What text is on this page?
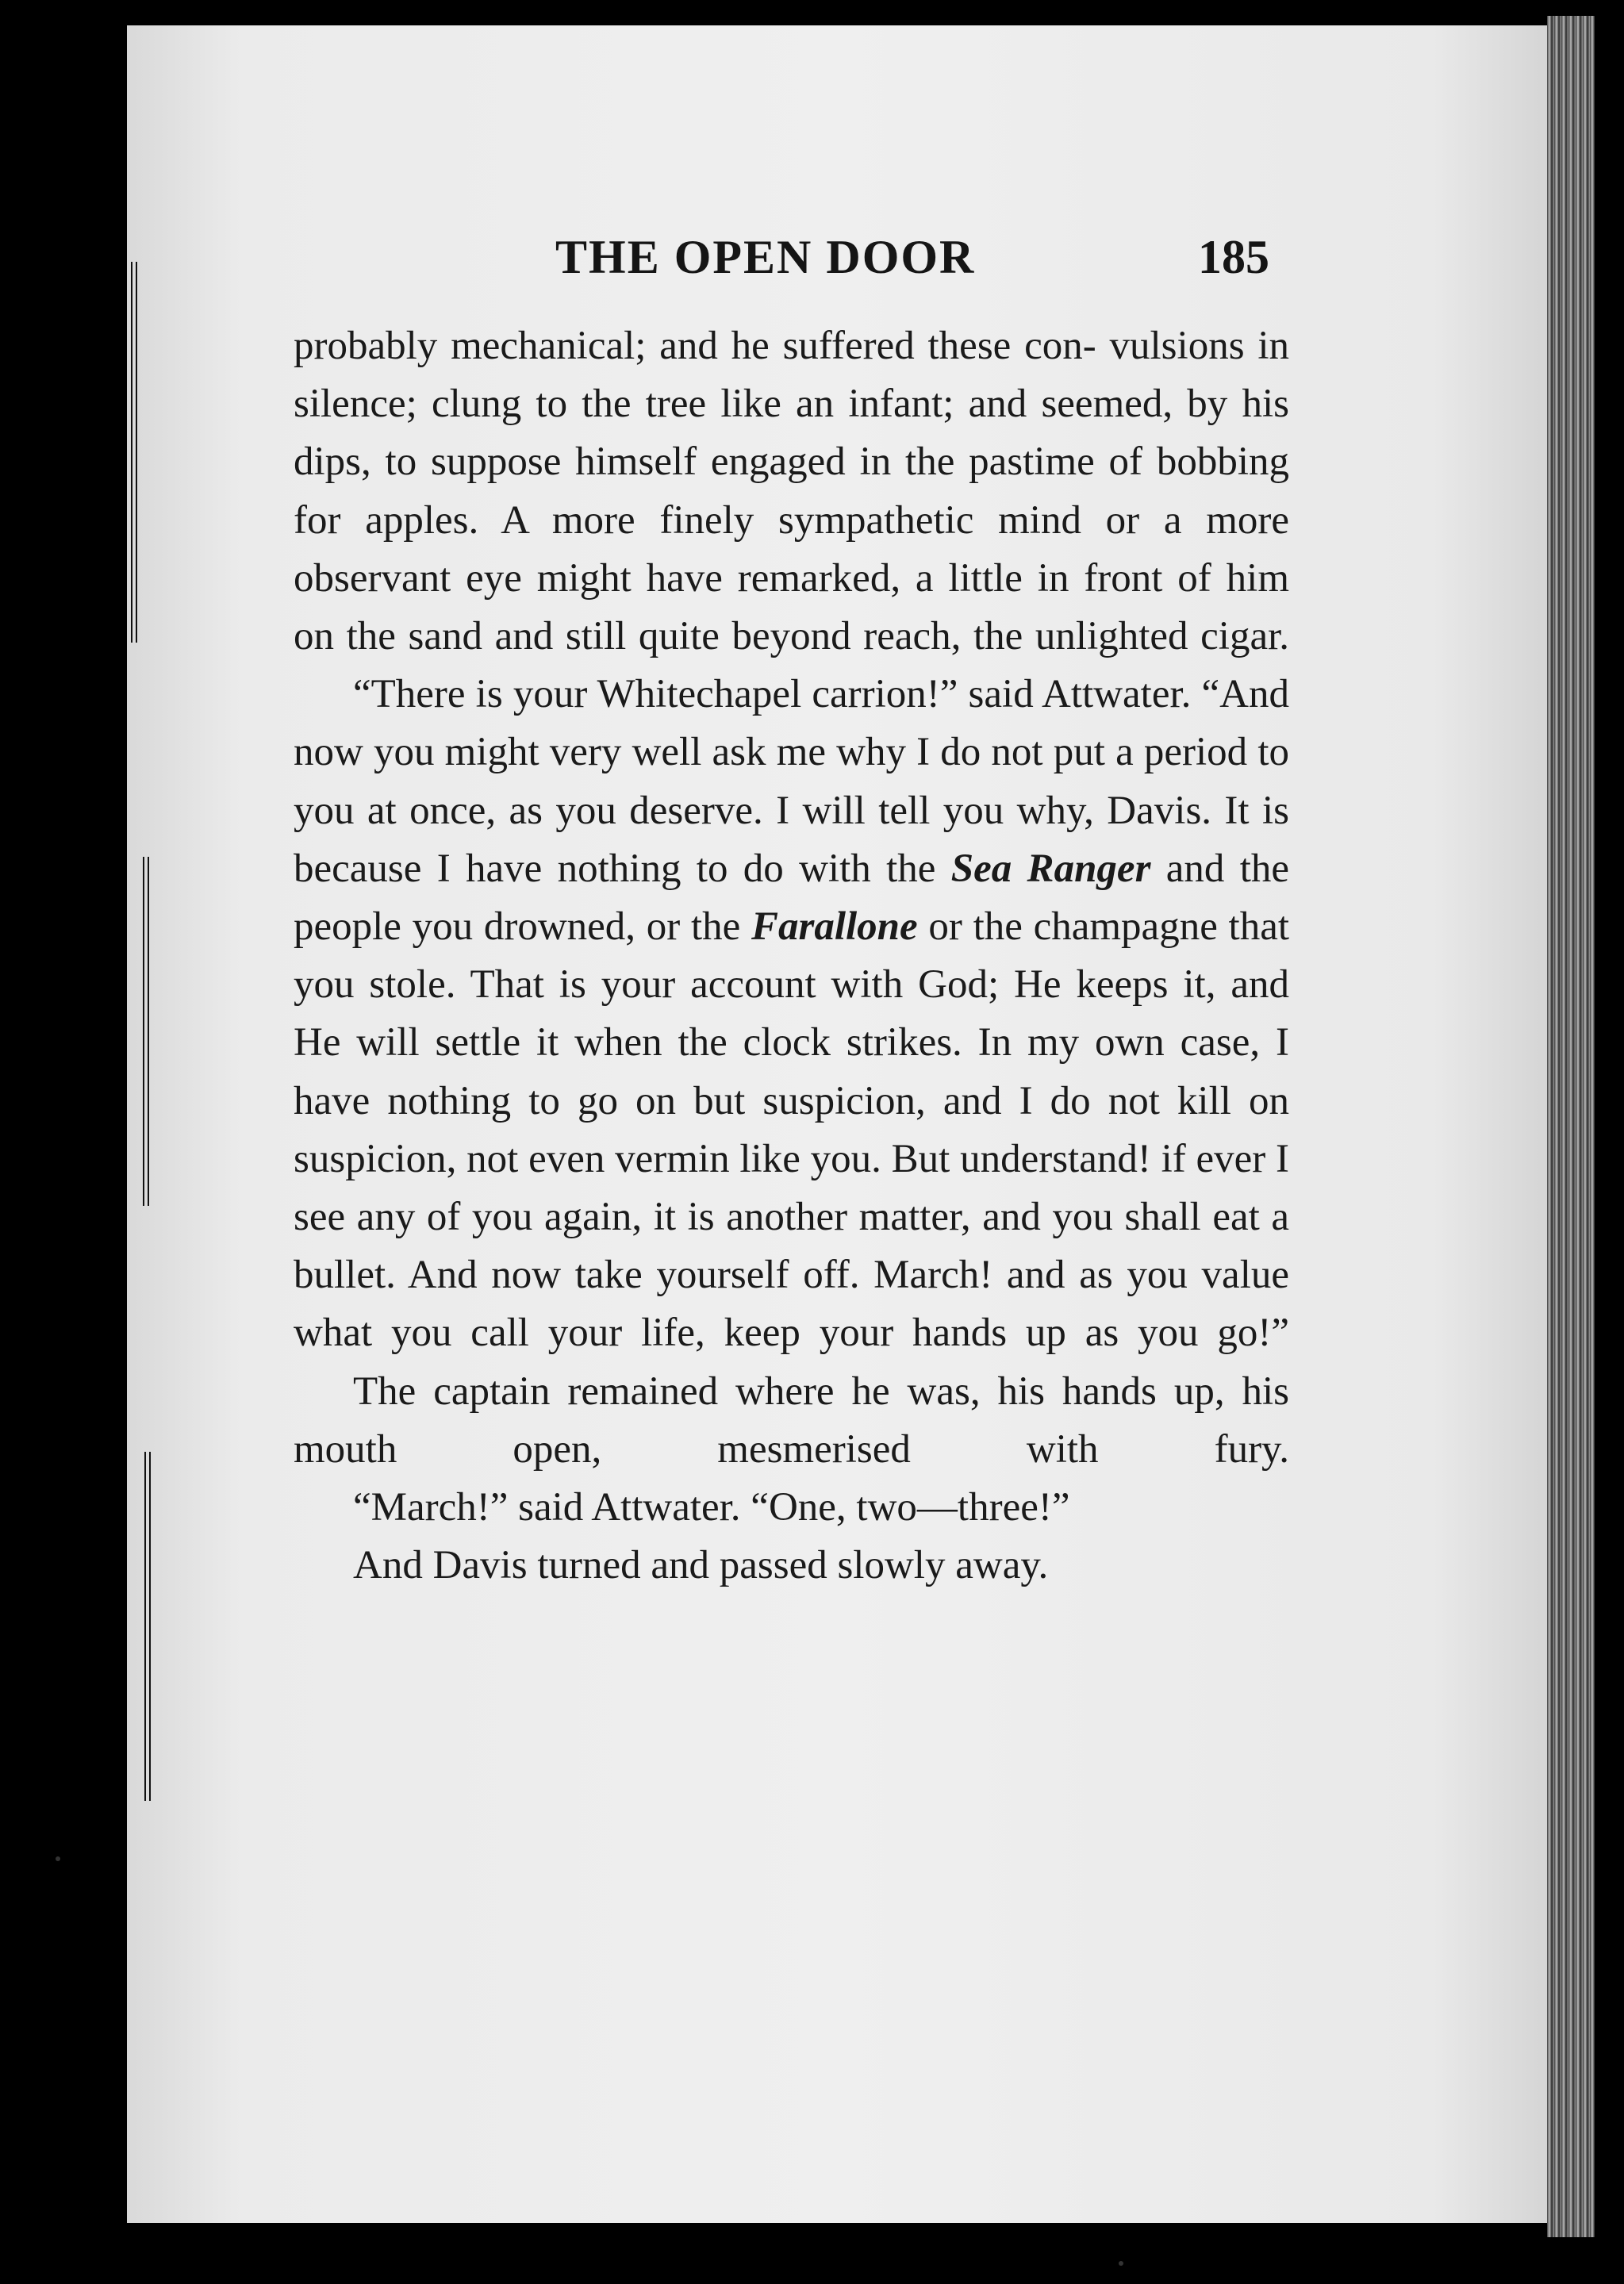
THE OPEN DOOR	185

probably mechanical; and he suffered these con- vulsions in silence; clung to the tree like an infant; and seemed, by his dips, to suppose himself engaged in the pastime of bobbing for apples. A more finely sympathetic mind or a more observant eye might have remarked, a little in front of him on the sand and still quite beyond reach, the unlighted cigar.

“There is your Whitechapel carrion!” said Attwater. “And now you might very well ask me why I do not put a period to you at once, as you deserve. I will tell you why, Davis. It is because I have nothing to do with the Sea Ranger and the people you drowned, or the Farallone or the champagne that you stole. That is your account with God; He keeps it, and He will settle it when the clock strikes. In my own case, I have nothing to go on but suspicion, and I do not kill on suspicion, not even vermin like you. But understand! if ever I see any of you again, it is another matter, and you shall eat a bullet. And now take yourself off. March! and as you value what you call your life, keep your hands up as you go!”

The captain remained where he was, his hands up, his mouth open, mesmerised with fury.

“March!” said Attwater. “One, two—three!”

And Davis turned and passed slowly away.
